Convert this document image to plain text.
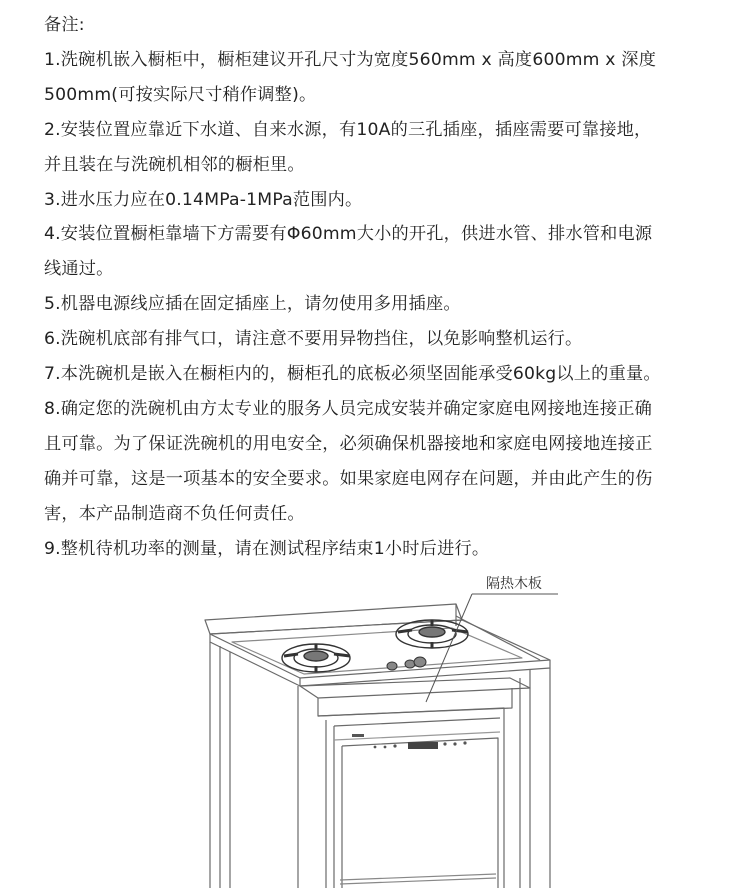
备注:

1.洗碗机嵌入橱柜中，橱柜建议开孔尺寸为宽度560mm x 高度600mm x 深度

500mm(可按实际尺寸稍作调整)。

2.安装位置应靠近下水道、自来水源，有10A的三孔插座，插座需要可靠接地，

并且装在与洗碗机相邻的橱柜里。

3.进水压力应在0.14MPa-1MPa范围内。

4.安装位置橱柜靠墙下方需要有Φ60mm大小的开孔，供进水管、排水管和电源

线通过。

5.机器电源线应插在固定插座上，请勿使用多用插座。

6.洗碗机底部有排气口，请注意不要用异物挡住，以免影响整机运行。

7.本洗碗机是嵌入在橱柜内的，橱柜孔的底板必须坚固能承受60kg以上的重量。

8.确定您的洗碗机由方太专业的服务人员完成安装并确定家庭电网接地连接正确

且可靠。为了保证洗碗机的用电安全，必须确保机器接地和家庭电网接地连接正

确并可靠，这是一项基本的安全要求。如果家庭电网存在问题，并由此产生的伤

害，本产品制造商不负任何责任。

9.整机待机功率的测量，请在测试程序结束1小时后进行。

隔热木板
